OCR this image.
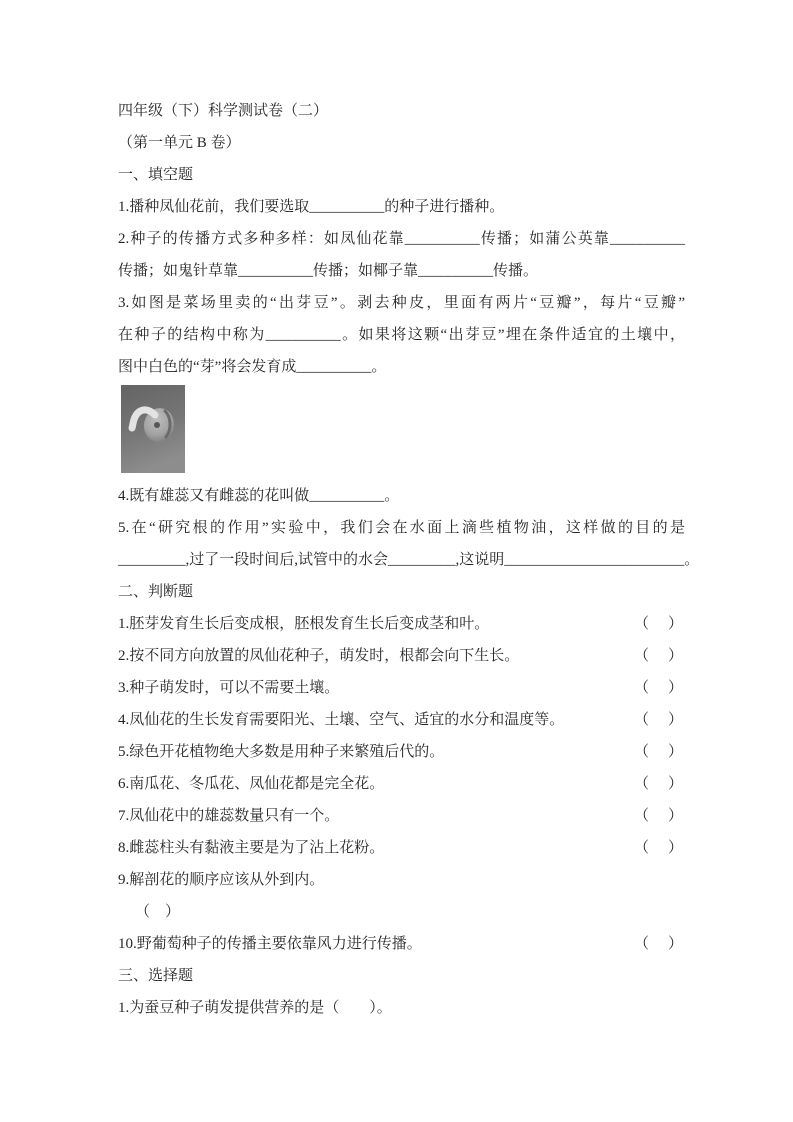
四年级（下）科学测试卷（二）
（第一单元 B 卷）
一、填空题
1.播种凤仙花前，我们要选取__________的种子进行播种。
2.种子的传播方式多种多样：如凤仙花靠__________传播；如蒲公英靠__________
传播；如鬼针草靠__________传播；如椰子靠__________传播。
3.如图是菜场里卖的“出芽豆”。剥去种皮，里面有两片“豆瓣”，每片“豆瓣”
在种子的结构中称为__________。如果将这颗“出芽豆”埋在条件适宜的土壤中，
图中白色的“芽”将会发育成__________。
4.既有雄蕊又有雌蕊的花叫做__________。
5.在“研究根的作用”实验中，我们会在水面上滴些植物油，这样做的目的是
_________,过了一段时间后,试管中的水会_________,这说明________________________。
二、判断题
1.胚芽发育生长后变成根，胚根发育生长后变成茎和叶。	（　）
2.按不同方向放置的凤仙花种子，萌发时，根都会向下生长。	（　）
3.种子萌发时，可以不需要土壤。	（　）
4.凤仙花的生长发育需要阳光、土壤、空气、适宜的水分和温度等。	（　）
5.绿色开花植物绝大多数是用种子来繁殖后代的。	（　）
6.南瓜花、冬瓜花、凤仙花都是完全花。	（　）
7.凤仙花中的雄蕊数量只有一个。	（　）
8.雌蕊柱头有黏液主要是为了沾上花粉。	（　）
9.解剖花的顺序应该从外到内。
（　）
10.野葡萄种子的传播主要依靠风力进行传播。	（　）
三、选择题
1.为蚕豆种子萌发提供营养的是（　　）。
